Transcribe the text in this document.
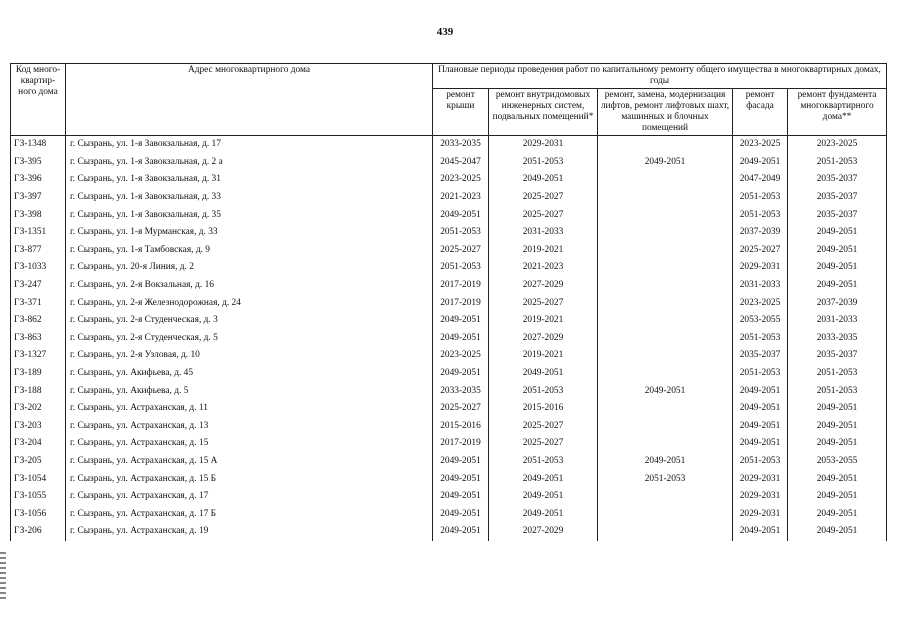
439
Код много-квартир-ного дома	Адрес многоквартирного дома	Плановые периоды проведения работ по капитальному ремонту общего имущества в многоквартирных домах, годы				
		ремонт крыши	ремонт внутридомовых инженерных систем, подвальных помещений*	ремонт, замена, модернизация лифтов, ремонт лифтовых шахт, машинных и блочных помещений	ремонт фасада	ремонт фундамента многоквартирного дома**
ГЗ-1348	г. Сызрань, ул. 1-я Завокзальная, д. 17	2033-2035	2029-2031		2023-2025	2023-2025
ГЗ-395	г. Сызрань, ул. 1-я Завокзальная, д. 2 а	2045-2047	2051-2053	2049-2051	2049-2051	2051-2053
ГЗ-396	г. Сызрань, ул. 1-я Завокзальная, д. 31	2023-2025	2049-2051		2047-2049	2035-2037
ГЗ-397	г. Сызрань, ул. 1-я Завокзальная, д. 33	2021-2023	2025-2027		2051-2053	2035-2037
ГЗ-398	г. Сызрань, ул. 1-я Завокзальная, д. 35	2049-2051	2025-2027		2051-2053	2035-2037
ГЗ-1351	г. Сызрань, ул. 1-я Мурманская, д. 33	2051-2053	2031-2033		2037-2039	2049-2051
ГЗ-877	г. Сызрань, ул. 1-я Тамбовская, д. 9	2025-2027	2019-2021		2025-2027	2049-2051
ГЗ-1033	г. Сызрань, ул. 20-я Линия, д. 2	2051-2053	2021-2023		2029-2031	2049-2051
ГЗ-247	г. Сызрань, ул. 2-я Вокзальная, д. 16	2017-2019	2027-2029		2031-2033	2049-2051
ГЗ-371	г. Сызрань, ул. 2-я Железнодорожная, д. 24	2017-2019	2025-2027		2023-2025	2037-2039
ГЗ-862	г. Сызрань, ул. 2-я Студенческая, д. 3	2049-2051	2019-2021		2053-2055	2031-2033
ГЗ-863	г. Сызрань, ул. 2-я Студенческая, д. 5	2049-2051	2027-2029		2051-2053	2033-2035
ГЗ-1327	г. Сызрань, ул. 2-я Узловая, д. 10	2023-2025	2019-2021		2035-2037	2035-2037
ГЗ-189	г. Сызрань, ул. Акифьева, д. 45	2049-2051	2049-2051		2051-2053	2051-2053
ГЗ-188	г. Сызрань, ул. Акифьева, д. 5	2033-2035	2051-2053	2049-2051	2049-2051	2051-2053
ГЗ-202	г. Сызрань, ул. Астраханская, д. 11	2025-2027	2015-2016		2049-2051	2049-2051
ГЗ-203	г. Сызрань, ул. Астраханская, д. 13	2015-2016	2025-2027		2049-2051	2049-2051
ГЗ-204	г. Сызрань, ул. Астраханская, д. 15	2017-2019	2025-2027		2049-2051	2049-2051
ГЗ-205	г. Сызрань, ул. Астраханская, д. 15 А	2049-2051	2051-2053	2049-2051	2051-2053	2053-2055
ГЗ-1054	г. Сызрань, ул. Астраханская, д. 15 Б	2049-2051	2049-2051	2051-2053	2029-2031	2049-2051
ГЗ-1055	г. Сызрань, ул. Астраханская, д. 17	2049-2051	2049-2051		2029-2031	2049-2051
ГЗ-1056	г. Сызрань, ул. Астраханская, д. 17 Б	2049-2051	2049-2051		2029-2031	2049-2051
ГЗ-206	г. Сызрань, ул. Астраханская, д. 19	2049-2051	2027-2029		2049-2051	2049-2051
